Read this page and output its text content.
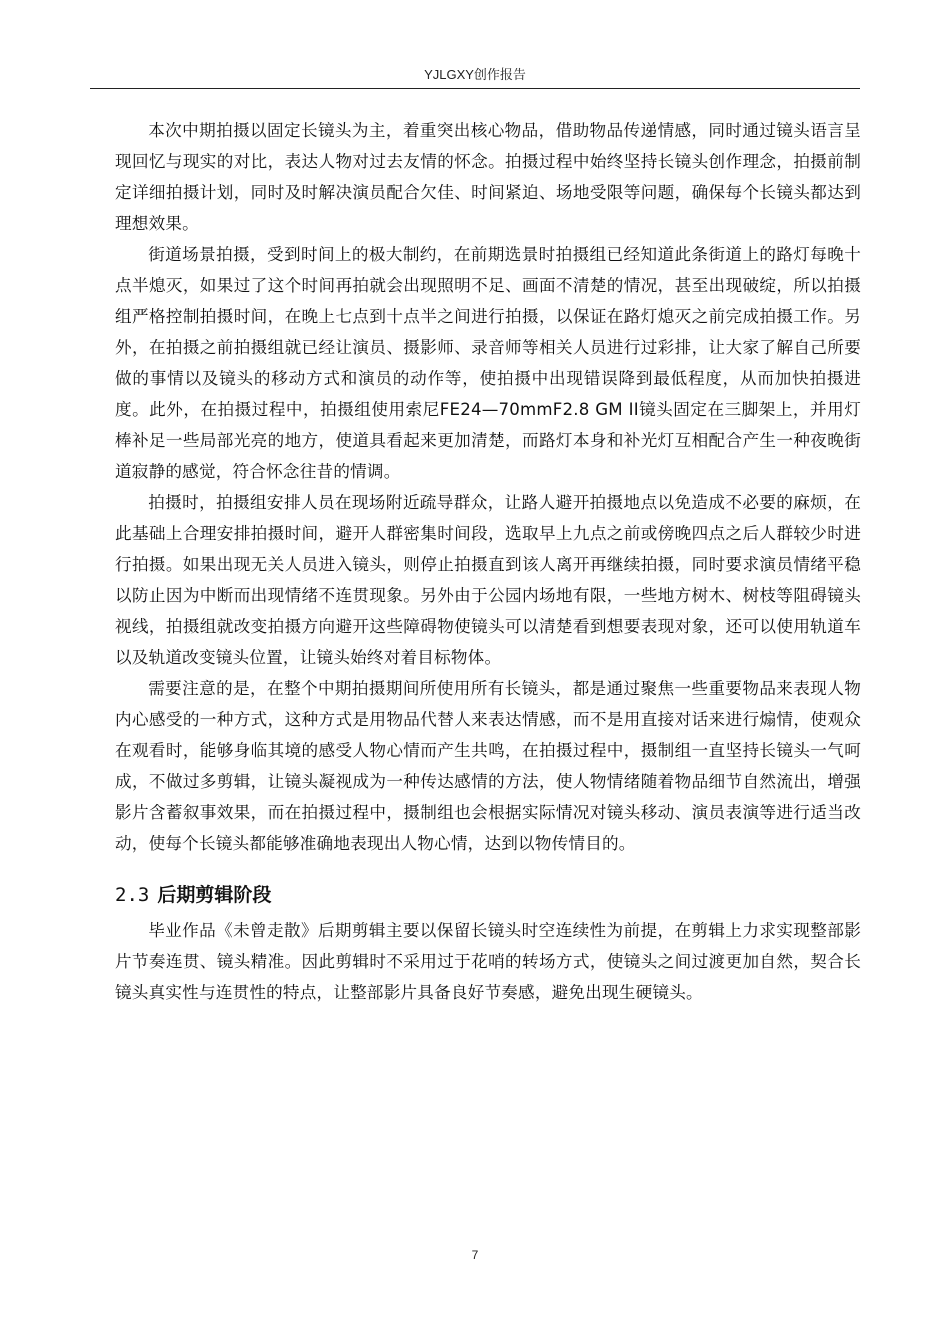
YJLGXY创作报告

本次中期拍摄以固定长镜头为主，着重突出核心物品，借助物品传递情感，同时通过镜头语言呈现回忆与现实的对比，表达人物对过去友情的怀念。拍摄过程中始终坚持长镜头创作理念，拍摄前制定详细拍摄计划，同时及时解决演员配合欠佳、时间紧迫、场地受限等问题，确保每个长镜头都达到理想效果。

街道场景拍摄，受到时间上的极大制约，在前期选景时拍摄组已经知道此条街道上的路灯每晚十点半熄灭，如果过了这个时间再拍就会出现照明不足、画面不清楚的情况，甚至出现破绽，所以拍摄组严格控制拍摄时间，在晚上七点到十点半之间进行拍摄，以保证在路灯熄灭之前完成拍摄工作。另外，在拍摄之前拍摄组就已经让演员、摄影师、录音师等相关人员进行过彩排，让大家了解自己所要做的事情以及镜头的移动方式和演员的动作等，使拍摄中出现错误降到最低程度，从而加快拍摄进度。此外，在拍摄过程中，拍摄组使用索尼FE24—70mmF2.8 GM II镜头固定在三脚架上，并用灯棒补足一些局部光亮的地方，使道具看起来更加清楚，而路灯本身和补光灯互相配合产生一种夜晚街道寂静的感觉，符合怀念往昔的情调。

拍摄时，拍摄组安排人员在现场附近疏导群众，让路人避开拍摄地点以免造成不必要的麻烦，在此基础上合理安排拍摄时间，避开人群密集时间段，选取早上九点之前或傍晚四点之后人群较少时进行拍摄。如果出现无关人员进入镜头，则停止拍摄直到该人离开再继续拍摄，同时要求演员情绪平稳以防止因为中断而出现情绪不连贯现象。另外由于公园内场地有限，一些地方树木、树枝等阻碍镜头视线，拍摄组就改变拍摄方向避开这些障碍物使镜头可以清楚看到想要表现对象，还可以使用轨道车以及轨道改变镜头位置，让镜头始终对着目标物体。

需要注意的是，在整个中期拍摄期间所使用所有长镜头，都是通过聚焦一些重要物品来表现人物内心感受的一种方式，这种方式是用物品代替人来表达情感，而不是用直接对话来进行煽情，使观众在观看时，能够身临其境的感受人物心情而产生共鸣，在拍摄过程中，摄制组一直坚持长镜头一气呵成，不做过多剪辑，让镜头凝视成为一种传达感情的方法，使人物情绪随着物品细节自然流出，增强影片含蓄叙事效果，而在拍摄过程中，摄制组也会根据实际情况对镜头移动、演员表演等进行适当改动，使每个长镜头都能够准确地表现出人物心情，达到以物传情目的。

2.3 后期剪辑阶段

毕业作品《未曾走散》后期剪辑主要以保留长镜头时空连续性为前提，在剪辑上力求实现整部影片节奏连贯、镜头精准。因此剪辑时不采用过于花哨的转场方式，使镜头之间过渡更加自然，契合长镜头真实性与连贯性的特点，让整部影片具备良好节奏感，避免出现生硬镜头。

7
